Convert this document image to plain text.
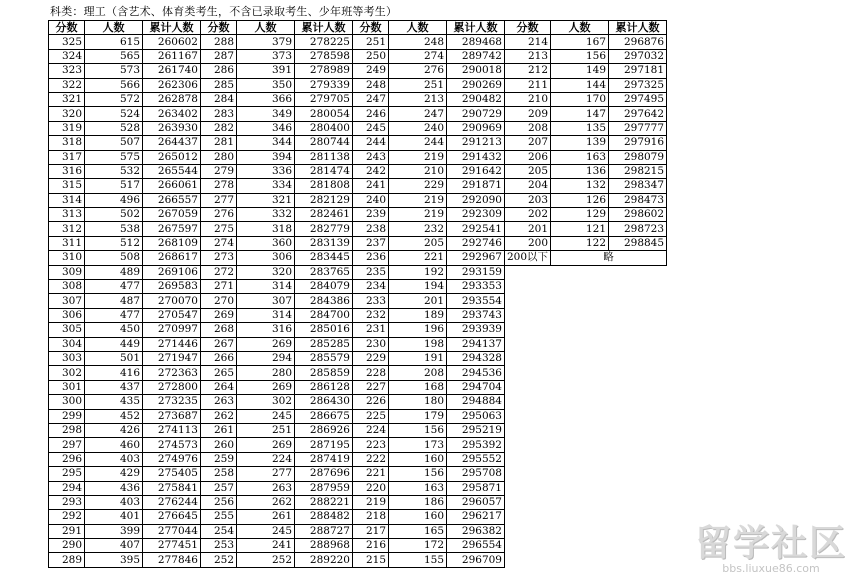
科类：理工（含艺术、体育类考生，不含已录取考生、少年班等考生）
分数	人数	累计人数	分数	人数	累计人数	分数	人数	累计人数	分数	人数	累计人数
325	615	260602	288	379	278225	251	248	289468	214	167	296876
324	565	261167	287	373	278598	250	274	289742	213	156	297032
323	573	261740	286	391	278989	249	276	290018	212	149	297181
322	566	262306	285	350	279339	248	251	290269	211	144	297325
321	572	262878	284	366	279705	247	213	290482	210	170	297495
320	524	263402	283	349	280054	246	247	290729	209	147	297642
319	528	263930	282	346	280400	245	240	290969	208	135	297777
318	507	264437	281	344	280744	244	244	291213	207	139	297916
317	575	265012	280	394	281138	243	219	291432	206	163	298079
316	532	265544	279	336	281474	242	210	291642	205	136	298215
315	517	266061	278	334	281808	241	229	291871	204	132	298347
314	496	266557	277	321	282129	240	219	292090	203	126	298473
313	502	267059	276	332	282461	239	219	292309	202	129	298602
312	538	267597	275	318	282779	238	232	292541	201	121	298723
311	512	268109	274	360	283139	237	205	292746	200	122	298845
310	508	268617	273	306	283445	236	221	292967	200以下	略	
309	489	269106	272	320	283765	235	192	293159			
308	477	269583	271	314	284079	234	194	293353			
307	487	270070	270	307	284386	233	201	293554			
306	477	270547	269	314	284700	232	189	293743			
305	450	270997	268	316	285016	231	196	293939			
304	449	271446	267	269	285285	230	198	294137			
303	501	271947	266	294	285579	229	191	294328			
302	416	272363	265	280	285859	228	208	294536			
301	437	272800	264	269	286128	227	168	294704			
300	435	273235	263	302	286430	226	180	294884			
299	452	273687	262	245	286675	225	179	295063			
298	426	274113	261	251	286926	224	156	295219			
297	460	274573	260	269	287195	223	173	295392			
296	403	274976	259	224	287419	222	160	295552			
295	429	275405	258	277	287696	221	156	295708			
294	436	275841	257	263	287959	220	163	295871			
293	403	276244	256	262	288221	219	186	296057			
292	401	276645	255	261	288482	218	160	296217			
291	399	277044	254	245	288727	217	165	296382			
290	407	277451	253	241	288968	216	172	296554			
289	395	277846	252	252	289220	215	155	296709				留学社区
bbs.liuxue86.com
